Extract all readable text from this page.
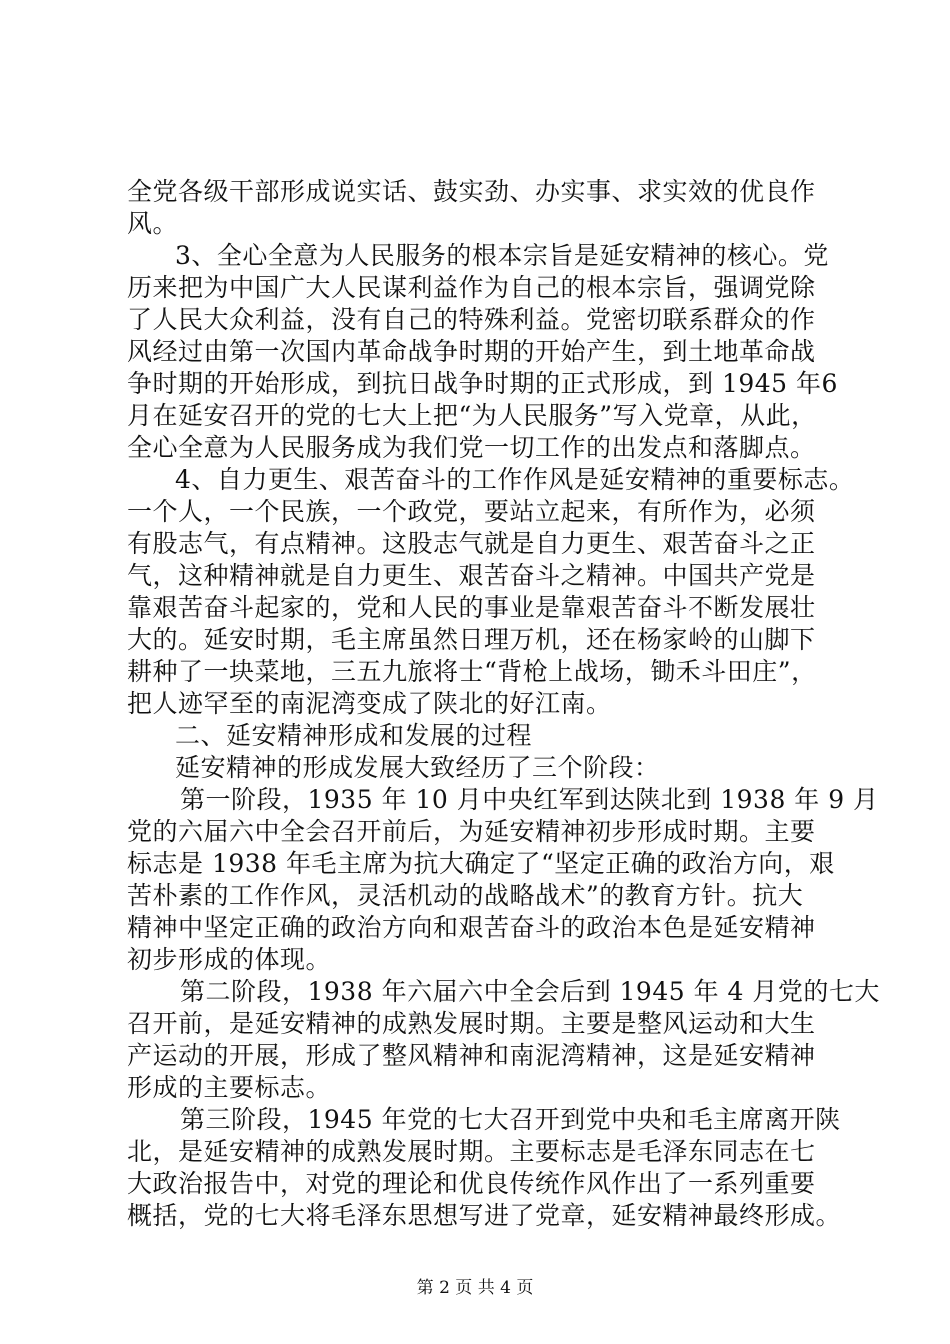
全党各级干部形成说实话、鼓实劲、办实事、求实效的优良作
风。
3、全心全意为人民服务的根本宗旨是延安精神的核心。党
历来把为中国广大人民谋利益作为自己的根本宗旨，强调党除
了人民大众利益，没有自己的特殊利益。党密切联系群众的作
风经过由第一次国内革命战争时期的开始产生，到土地革命战
争时期的开始形成，到抗日战争时期的正式形成，到 1945 年6
月在延安召开的党的七大上把“为人民服务”写入党章，从此，
全心全意为人民服务成为我们党一切工作的出发点和落脚点。
4、自力更生、艰苦奋斗的工作作风是延安精神的重要标志。
一个人，一个民族，一个政党，要站立起来，有所作为，必须
有股志气，有点精神。这股志气就是自力更生、艰苦奋斗之正
气，这种精神就是自力更生、艰苦奋斗之精神。中国共产党是
靠艰苦奋斗起家的，党和人民的事业是靠艰苦奋斗不断发展壮
大的。延安时期，毛主席虽然日理万机，还在杨家岭的山脚下
耕种了一块菜地，三五九旅将士“背枪上战场，锄禾斗田庄”，
把人迹罕至的南泥湾变成了陕北的好江南。
二、延安精神形成和发展的过程
延安精神的形成发展大致经历了三个阶段：
第一阶段，1935 年 10 月中央红军到达陕北到 1938 年 9 月
党的六届六中全会召开前后，为延安精神初步形成时期。主要
标志是 1938 年毛主席为抗大确定了“坚定正确的政治方向，艰
苦朴素的工作作风，灵活机动的战略战术”的教育方针。抗大
精神中坚定正确的政治方向和艰苦奋斗的政治本色是延安精神
初步形成的体现。
第二阶段，1938 年六届六中全会后到 1945 年 4 月党的七大
召开前，是延安精神的成熟发展时期。主要是整风运动和大生
产运动的开展，形成了整风精神和南泥湾精神，这是延安精神
形成的主要标志。
第三阶段，1945 年党的七大召开到党中央和毛主席离开陕
北，是延安精神的成熟发展时期。主要标志是毛泽东同志在七
大政治报告中，对党的理论和优良传统作风作出了一系列重要
概括，党的七大将毛泽东思想写进了党章，延安精神最终形成。
第 2 页 共 4 页
